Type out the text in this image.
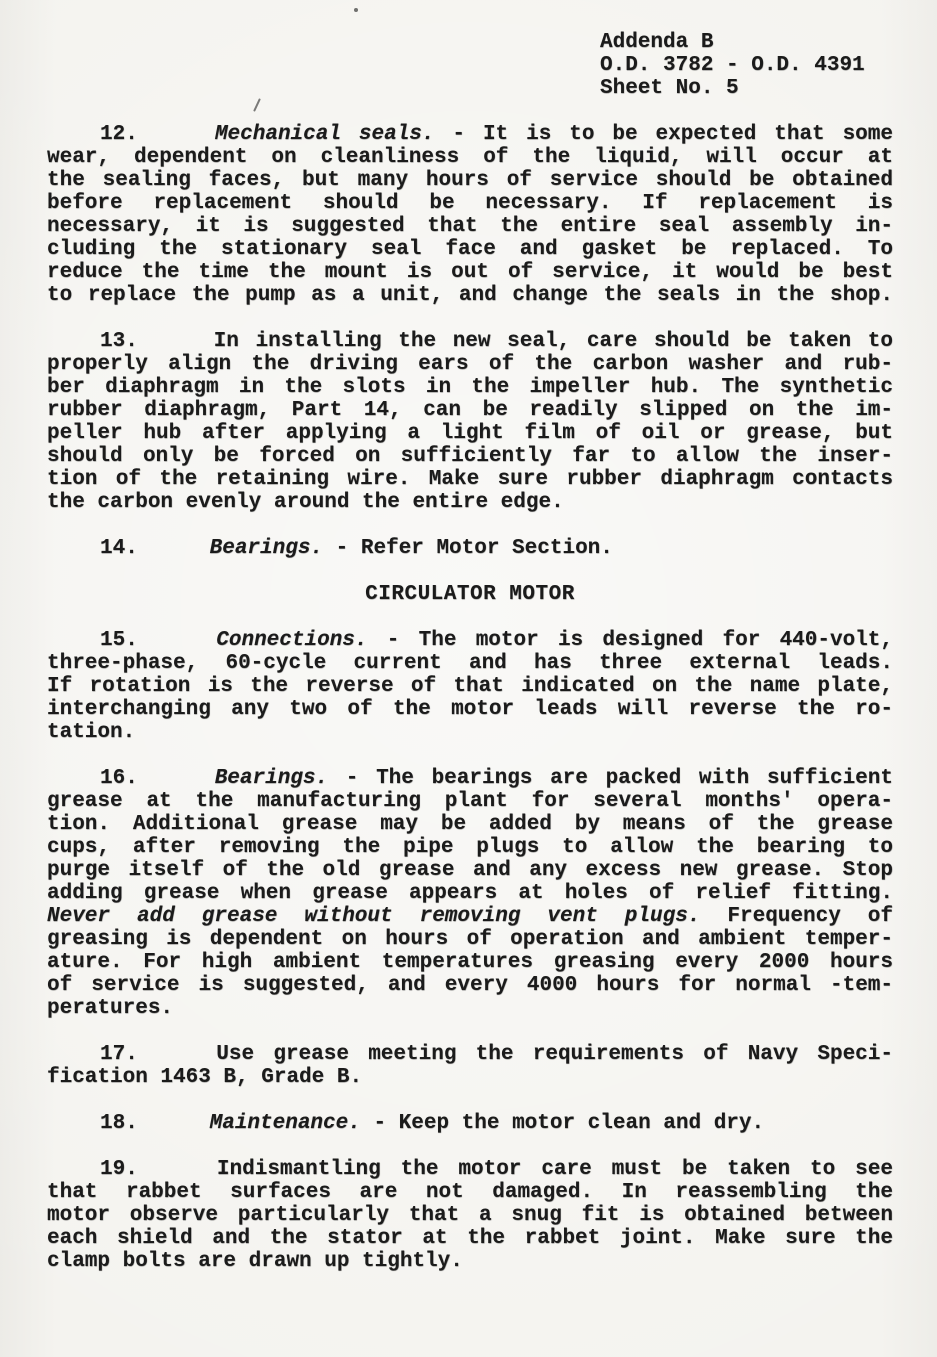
Addenda B
O.D. 3782 - O.D. 4391
Sheet No. 5
12.	Mechanical seals. - It is to be expected that some
wear, dependent on cleanliness of the liquid, will occur at
the sealing faces, but many hours of service should be obtained
before replacement should be necessary. If replacement is
necessary, it is suggested that the entire seal assembly in-
cluding the stationary seal face and gasket be replaced. To
reduce the time the mount is out of service, it would be best
to replace the pump as a unit, and change the seals in the shop.
13.	In installing the new seal, care should be taken to
properly align the driving ears of the carbon washer and rub-
ber diaphragm in the slots in the impeller hub. The synthetic
rubber diaphragm, Part 14, can be readily slipped on the im-
peller hub after applying a light film of oil or grease, but
should only be forced on sufficiently far to allow the inser-
tion of the retaining wire. Make sure rubber diaphragm contacts
the carbon evenly around the entire edge.
14.	Bearings. - Refer Motor Section.
CIRCULATOR MOTOR
15.	Connections. - The motor is designed for 440-volt,
three-phase, 60-cycle current and has three external leads.
If rotation is the reverse of that indicated on the name plate,
interchanging any two of the motor leads will reverse the ro-
tation.
16.	Bearings. - The bearings are packed with sufficient
grease at the manufacturing plant for several months' opera-
tion. Additional grease may be added by means of the grease
cups, after removing the pipe plugs to allow the bearing to
purge itself of the old grease and any excess new grease. Stop
adding grease when grease appears at holes of relief fitting.
Never add grease without removing vent plugs. Frequency of
greasing is dependent on hours of operation and ambient temper-
ature. For high ambient temperatures greasing every 2000 hours
of service is suggested, and every 4000 hours for normal -tem-
peratures.
17.	Use grease meeting the requirements of Navy Speci-
fication 1463 B, Grade B.
18.	Maintenance. - Keep the motor clean and dry.
19.	Indismantling the motor care must be taken to see
that rabbet surfaces are not damaged. In reassembling the
motor observe particularly that a snug fit is obtained between
each shield and the stator at the rabbet joint. Make sure the
clamp bolts are drawn up tightly.
